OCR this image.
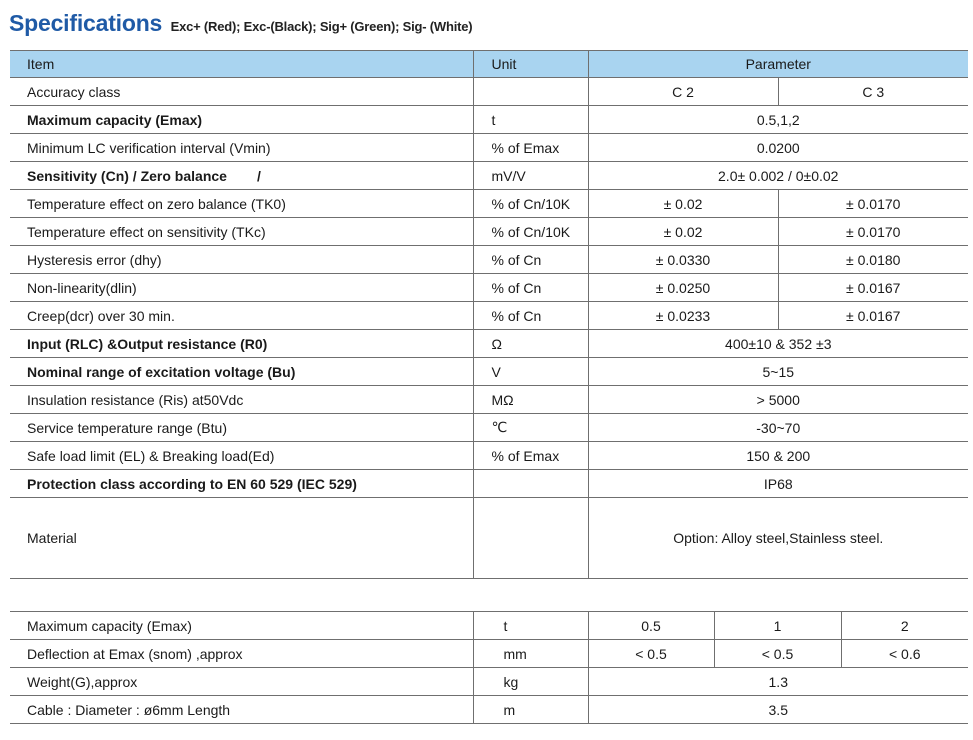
Specifications Exc+ (Red); Exc-(Black); Sig+ (Green); Sig- (White)
Item	Unit	Parameter	
Accuracy class		C 2	C 3
Maximum capacity (Emax)	t	0.5,1,2	
Minimum LC verification interval (Vmin)	% of Emax	0.0200	
Sensitivity (Cn) / Zero balance /	mV/V	2.0± 0.002 / 0±0.02	
Temperature effect on zero balance (TK0)	% of Cn/10K	± 0.02	± 0.0170
Temperature effect on sensitivity (TKc)	% of Cn/10K	± 0.02	± 0.0170
Hysteresis error (dhy)	% of Cn	± 0.0330	± 0.0180
Non-linearity(dlin)	% of Cn	± 0.0250	± 0.0167
Creep(dcr) over 30 min.	% of Cn	± 0.0233	± 0.0167
Input (RLC) &Output resistance (R0)	Ω	400±10 & 352 ±3	
Nominal range of excitation voltage (Bu)	V	5~15	
Insulation resistance (Ris) at50Vdc	MΩ	> 5000	
Service temperature range (Btu)	℃	-30~70	
Safe load limit (EL) & Breaking load(Ed)	% of Emax	150 & 200	
Protection class according to EN 60 529 (IEC 529)		IP68	
Material		Option: Alloy steel,Stainless steel.	
Maximum capacity (Emax)	t	0.5	1	2
Deflection at Emax (snom) ,approx	mm	< 0.5	< 0.5	< 0.6
Weight(G),approx	kg	1.3		
Cable : Diameter : ø6mm Length	m	3.5		
